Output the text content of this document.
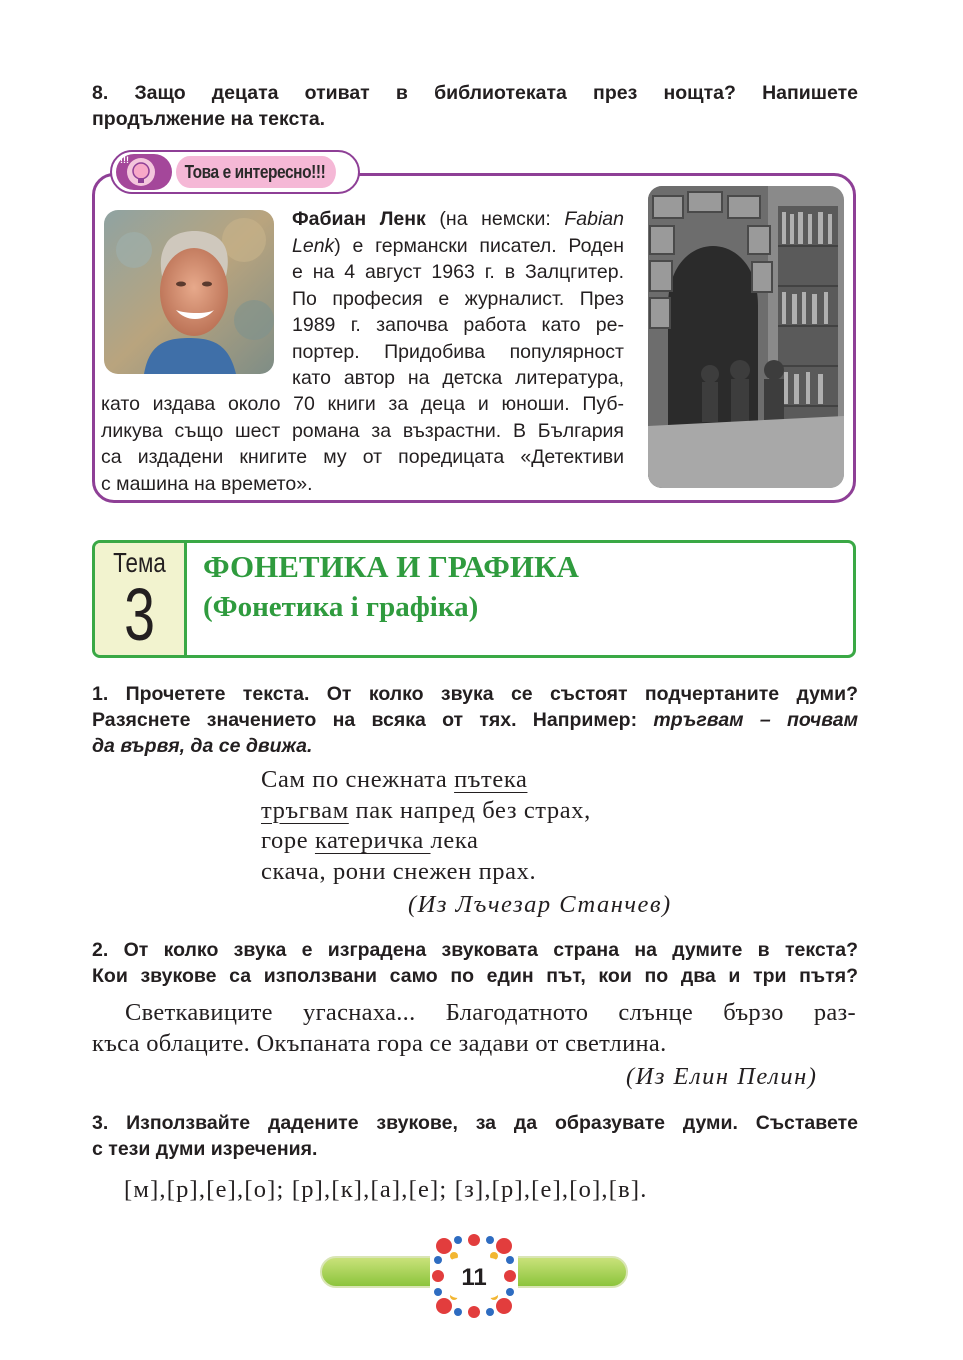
8. Защо децата отиват в библиотеката през нощта? Напишете
продължение на текста.
!!!
Това е интересно!!!
Фабиан Ленк (на немски: Fabian
Lenk) е германски писател. Роден
е на 4 август 1963 г. в Залцгитер.
По професия е журналист. През
1989 г. започва работа като ре-
портер. Придобива популярност
като автор на детска литература,
като издава около 70 книги за деца и юноши. Пуб-
ликува също шест романа за възрастни. В България
са издадени книгите му от поредицата «Детективи
с машина на времето».
Тема
3
ФОНЕТИКА И ГРАФИКА
(Фонетика і графіка)
1. Прочетете текста. От колко звука се състоят подчертаните думи?
Разяснете значението на всяка от тях. Например: тръгвам – почвам
да вървя, да се движа.
Сам по снежната пътека
тръгвам пак напред без страх,
горе катеричка лека
скача, рони снежен прах.
(Из Лъчезар Станчев)
2. От колко звука е изградена звуковата страна на думите в текста?
Кои звукове са използвани само по един път, кои по два и три пътя?
Светкавиците угаснаха... Благодатното слънце бързо раз-
къса облаците. Окъпаната гора се задави от светлина.
(Из Елин Пелин)
3. Използвайте дадените звукове, за да образувате думи. Съставете
с тези думи изречения.
[м],[р],[е],[о]; [р],[к],[а],[е]; [з],[р],[е],[о],[в].
11
